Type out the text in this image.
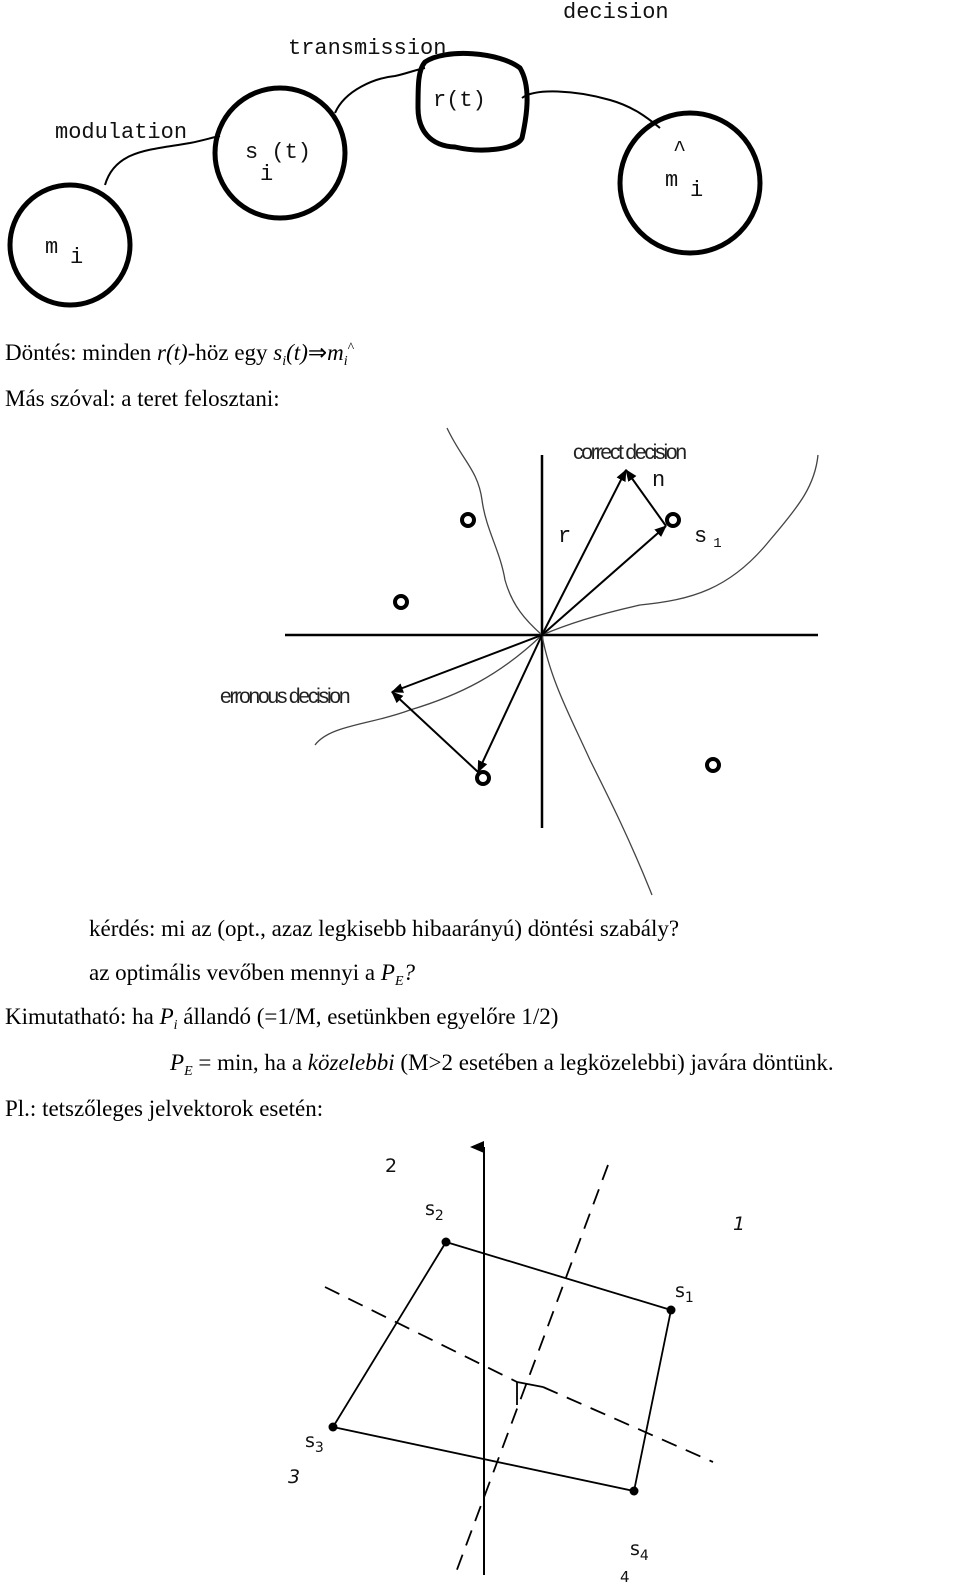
decision
transmission
modulation
r(t)
s (t)
i
^
m i
m i
Döntés: minden r(t)-höz egy $s_i(t)\Rightarrow m_i^{\^{}}$
Más szóval: a teret felosztani:
correct decision
n
r	s $_1$
erronous decision
kérdés: mi az (opt., azaz legkisebb hibaarányú) döntési szabály?
az optimális vevőben mennyi a $P_E$?
Kimutatható: ha $P_i$ állandó (=1/M, esetünkben egyelőre 1/2)
$P_E = \min$, ha a közelebbi (M>2 esetében a legközelebbi) javára döntünk.
Pl.: tetszőleges jelvektorok esetén:
2
1
3
4
$s_2$
$s_1$
$s_3$
$s_4$
